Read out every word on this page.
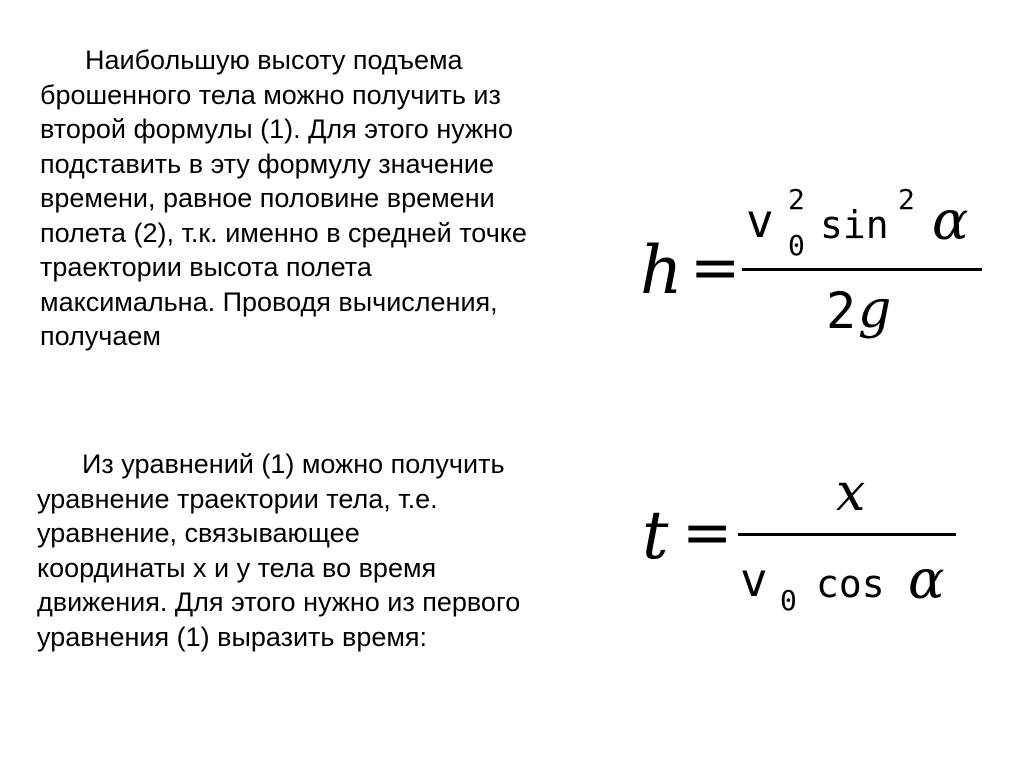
Наибольшую высоту подъема
брошенного тела можно получить из
второй формулы (1). Для этого нужно
подставить в эту формулу значение
времени, равное половине времени
полета (2), т.к. именно в средней точке
траектории высота полета
максимальна. Проводя вычисления,
получаем

Из уравнений (1) можно получить
уравнение траектории тела, т.е.
уравнение, связывающее
координаты х и у тела во время
движения. Для этого нужно из первого
уравнения (1) выразить время:

h =
v 2
0 sin
2 α
2 g
t =
x
v 0 cos α
